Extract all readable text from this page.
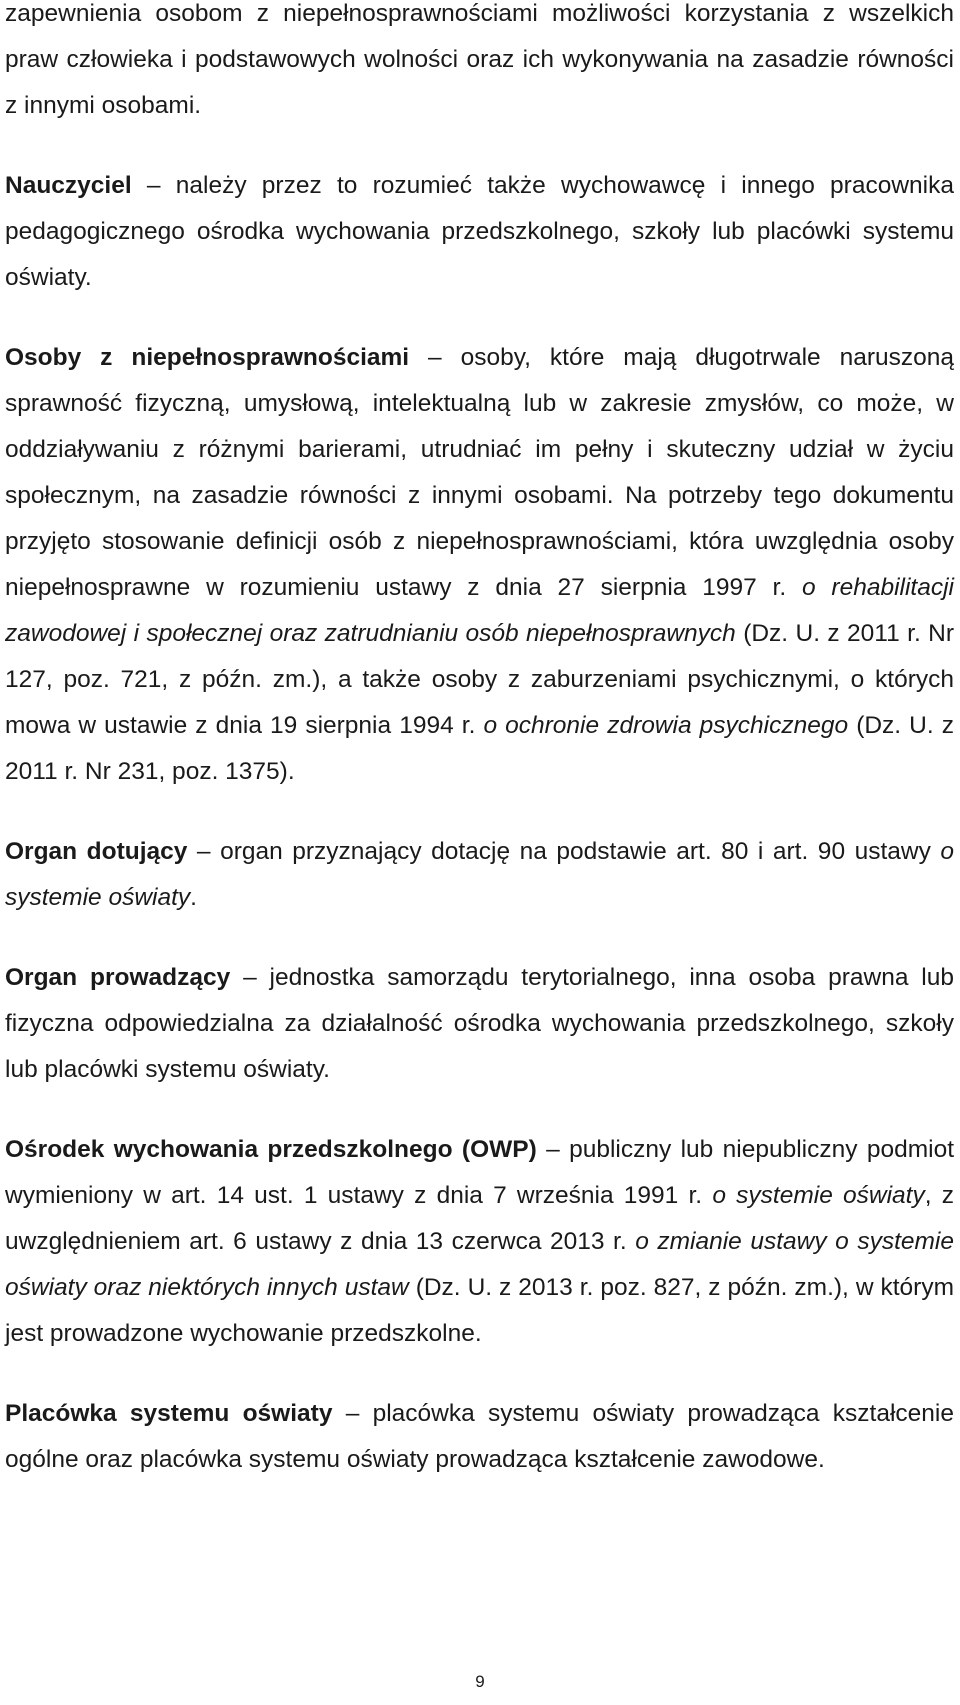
zapewnienia osobom z niepełnosprawnościami możliwości korzystania z wszelkich praw człowieka i podstawowych wolności oraz ich wykonywania na zasadzie równości z innymi osobami.

Nauczyciel – należy przez to rozumieć także wychowawcę i innego pracownika pedagogicznego ośrodka wychowania przedszkolnego, szkoły lub placówki systemu oświaty.

Osoby z niepełnosprawnościami – osoby, które mają długotrwale naruszoną sprawność fizyczną, umysłową, intelektualną lub w zakresie zmysłów, co może, w oddziaływaniu z różnymi barierami, utrudniać im pełny i skuteczny udział w życiu społecznym, na zasadzie równości z innymi osobami. Na potrzeby tego dokumentu przyjęto stosowanie definicji osób z niepełnosprawnościami, która uwzględnia osoby niepełnosprawne w rozumieniu ustawy z dnia 27 sierpnia 1997 r. o rehabilitacji zawodowej i społecznej oraz zatrudnianiu osób niepełnosprawnych (Dz. U. z 2011 r. Nr 127, poz. 721, z późn. zm.), a także osoby z zaburzeniami psychicznymi, o których mowa w ustawie z dnia 19 sierpnia 1994 r. o ochronie zdrowia psychicznego (Dz. U. z 2011 r. Nr 231, poz. 1375).

Organ dotujący – organ przyznający dotację na podstawie art. 80 i art. 90 ustawy o systemie oświaty.

Organ prowadzący – jednostka samorządu terytorialnego, inna osoba prawna lub fizyczna odpowiedzialna za działalność ośrodka wychowania przedszkolnego, szkoły lub placówki systemu oświaty.

Ośrodek wychowania przedszkolnego (OWP) – publiczny lub niepubliczny podmiot wymieniony w art. 14 ust. 1 ustawy z dnia 7 września 1991 r. o systemie oświaty, z uwzględnieniem art. 6 ustawy z dnia 13 czerwca 2013 r. o zmianie ustawy o systemie oświaty oraz niektórych innych ustaw (Dz. U. z 2013 r. poz. 827, z późn. zm.), w którym jest prowadzone wychowanie przedszkolne.

Placówka systemu oświaty – placówka systemu oświaty prowadząca kształcenie ogólne oraz placówka systemu oświaty prowadząca kształcenie zawodowe.

9
